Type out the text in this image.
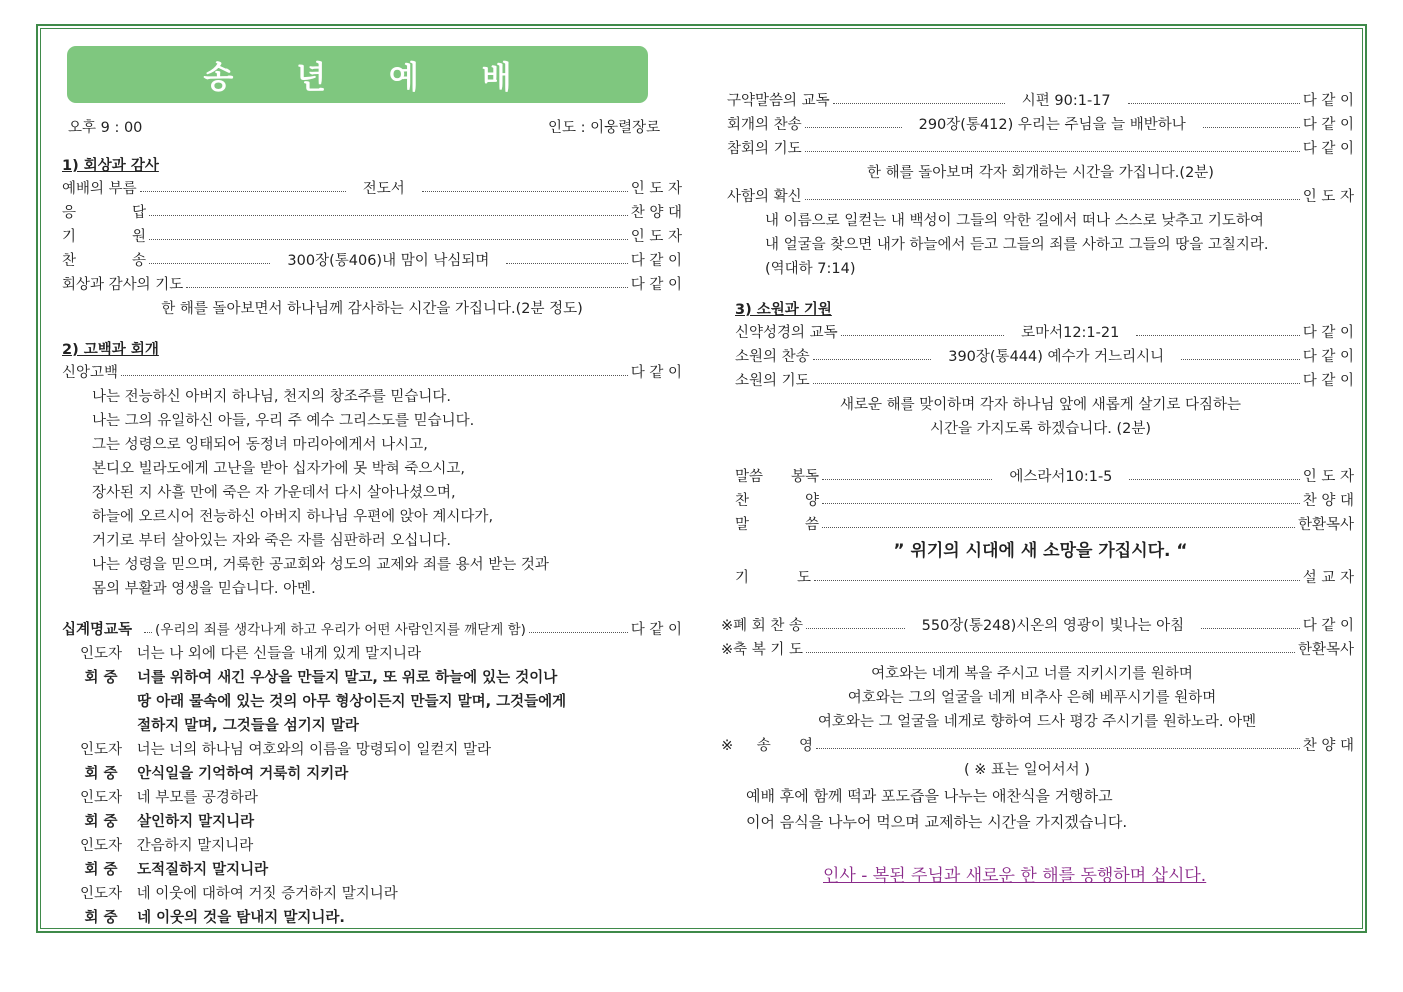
송 년 예 배
오후 9 : 00	인도 : 이웅렬장로
1) 회상과 감사
예배의 부름	전도서	인 도 자
응 답	찬 양 대
기 원	인 도 자
찬 송	300장(통406)내 맘이 낙심되며	다 같 이
회상과 감사의 기도	다 같 이
한 해를 돌아보면서 하나님께 감사하는 시간을 가집니다.(2분 정도)
2) 고백과 회개
신앙고백	다 같 이
나는 전능하신 아버지 하나님, 천지의 창조주를 믿습니다.
나는 그의 유일하신 아들, 우리 주 예수 그리스도를 믿습니다.
그는 성령으로 잉태되어 동정녀 마리아에게서 나시고,
본디오 빌라도에게 고난을 받아 십자가에 못 박혀 죽으시고,
장사된 지 사흘 만에 죽은 자 가운데서 다시 살아나셨으며,
하늘에 오르시어 전능하신 아버지 하나님 우편에 앉아 계시다가,
거기로 부터 살아있는 자와 죽은 자를 심판하러 오십니다.
나는 성령을 믿으며, 거룩한 공교회와 성도의 교제와 죄를 용서 받는 것과
몸의 부활과 영생을 믿습니다. 아멘.
십계명교독 (우리의 죄를 생각나게 하고 우리가 어떤 사람인지를 깨닫게 함)	다 같 이
인도자 너는 나 외에 다른 신들을 내게 있게 말지니라
회 중 너를 위하여 새긴 우상을 만들지 말고, 또 위로 하늘에 있는 것이나
땅 아래 물속에 있는 것의 아무 형상이든지 만들지 말며, 그것들에게
절하지 말며, 그것들을 섬기지 말라
인도자 너는 너의 하나님 여호와의 이름을 망령되이 일컫지 말라
회 중 안식일을 기억하여 거룩히 지키라
인도자 네 부모를 공경하라
회 중 살인하지 말지니라
인도자 간음하지 말지니라
회 중 도적질하지 말지니라
인도자 네 이웃에 대하여 거짓 증거하지 말지니라
회 중 네 이웃의 것을 탐내지 말지니라.
구약말씀의 교독	시편 90:1-17	다 같 이
회개의 찬송	290장(통412) 우리는 주님을 늘 배반하나	다 같 이
참회의 기도	다 같 이
한 해를 돌아보며 각자 회개하는 시간을 가집니다.(2분)
사함의 확신	인 도 자
내 이름으로 일컫는 내 백성이 그들의 악한 길에서 떠나 스스로 낮추고 기도하여
내 얼굴을 찾으면 내가 하늘에서 듣고 그들의 죄를 사하고 그들의 땅을 고칠지라.
(역대하 7:14)
3) 소원과 기원
신약성경의 교독	로마서12:1-21	다 같 이
소원의 찬송	390장(통444) 예수가 거느리시니	다 같 이
소원의 기도	다 같 이
새로운 해를 맞이하며 각자 하나님 앞에 새롭게 살기로 다짐하는
시간을 가지도록 하겠습니다. (2분)
말씀 봉독	에스라서10:1-5	인 도 자
찬 양	찬 양 대
말 씀	한환목사
” 위기의 시대에 새 소망을 가집시다. “
기 도	설 교 자
※폐 회 찬 송	550장(통248)시온의 영광이 빛나는 아침	다 같 이
※축 복 기 도	한환목사
여호와는 네게 복을 주시고 너를 지키시기를 원하며
여호와는 그의 얼굴을 네게 비추사 은혜 베푸시기를 원하며
여호와는 그 얼굴을 네게로 향하여 드사 평강 주시기를 원하노라. 아멘
※송 영	찬 양 대
( ※ 표는 일어서서 )
예배 후에 함께 떡과 포도즙을 나누는 애찬식을 거행하고
이어 음식을 나누어 먹으며 교제하는 시간을 가지겠습니다.
인사 - 복된 주님과 새로운 한 해를 동행하며 삽시다.
